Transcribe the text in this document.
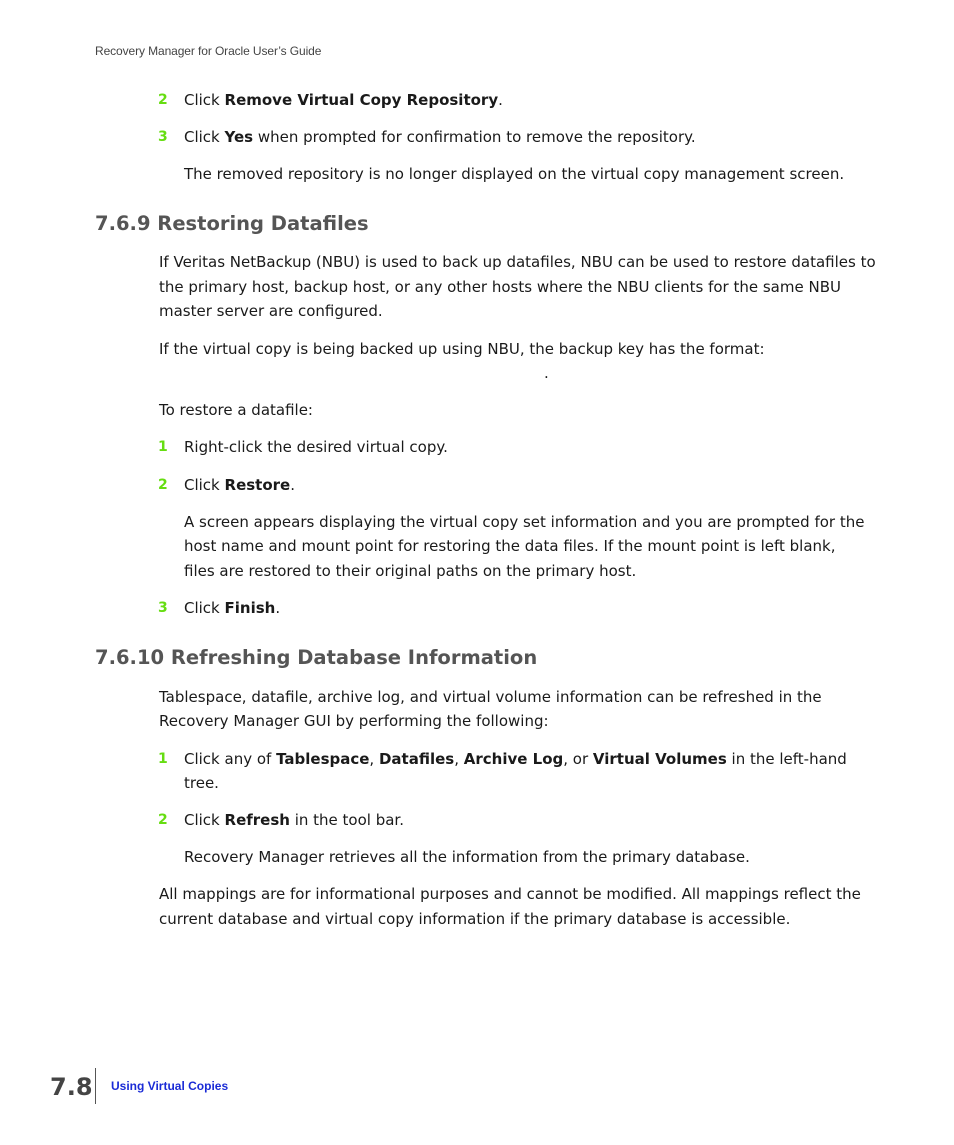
Recovery Manager for Oracle User’s Guide
2 Click Remove Virtual Copy Repository.
3 Click Yes when prompted for confirmation to remove the repository.
The removed repository is no longer displayed on the virtual copy management screen.
7.6.9 Restoring Datafiles
If Veritas NetBackup (NBU) is used to back up datafiles, NBU can be used to restore datafiles to
the primary host, backup host, or any other hosts where the NBU clients for the same NBU
master server are configured.
If the virtual copy is being backed up using NBU, the backup key has the format:
.
To restore a datafile:
1 Right-click the desired virtual copy.
2 Click Restore.
A screen appears displaying the virtual copy set information and you are prompted for the
host name and mount point for restoring the data files. If the mount point is left blank,
files are restored to their original paths on the primary host.
3 Click Finish.
7.6.10 Refreshing Database Information
Tablespace, datafile, archive log, and virtual volume information can be refreshed in the
Recovery Manager GUI by performing the following:
1 Click any of Tablespace, Datafiles, Archive Log, or Virtual Volumes in the left-hand
tree.
2 Click Refresh in the tool bar.
Recovery Manager retrieves all the information from the primary database.
All mappings are for informational purposes and cannot be modified. All mappings reflect the
current database and virtual copy information if the primary database is accessible.
7.8 Using Virtual Copies
